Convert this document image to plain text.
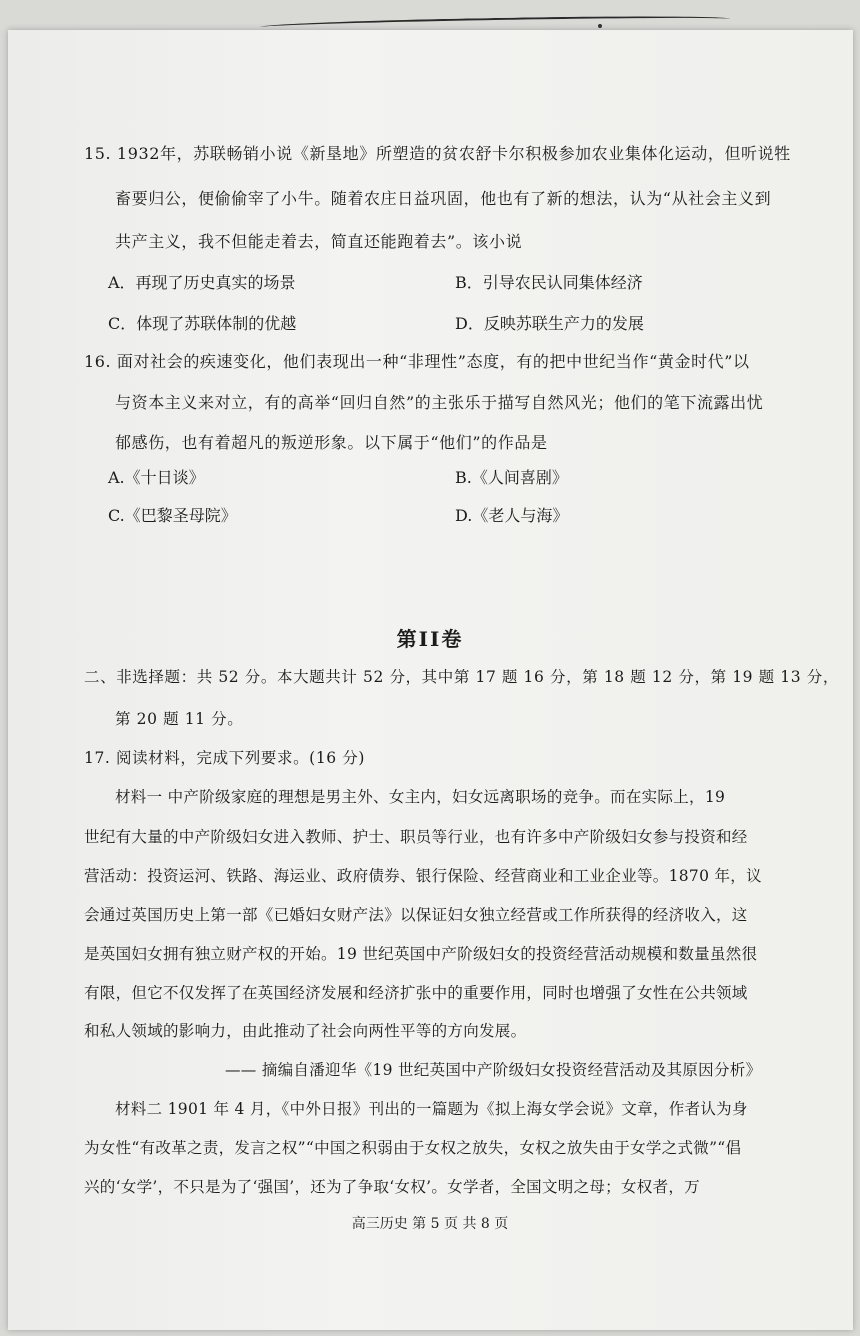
15. 1932年，苏联畅销小说《新垦地》所塑造的贫农舒卡尔积极参加农业集体化运动，但听说牲
畜要归公，便偷偷宰了小牛。随着农庄日益巩固，他也有了新的想法，认为“从社会主义到
共产主义，我不但能走着去，简直还能跑着去”。该小说
A．再现了历史真实的场景	B．引导农民认同集体经济
C．体现了苏联体制的优越	D．反映苏联生产力的发展
16. 面对社会的疾速变化，他们表现出一种“非理性”态度，有的把中世纪当作“黄金时代”以
与资本主义来对立，有的高举“回归自然”的主张乐于描写自然风光；他们的笔下流露出忧
郁感伤，也有着超凡的叛逆形象。以下属于“他们”的作品是
A.《十日谈》	B.《人间喜剧》
C.《巴黎圣母院》	D.《老人与海》
第II卷
二、非选择题：共 52 分。本大题共计 52 分，其中第 17 题 16 分，第 18 题 12 分，第 19 题 13 分，
第 20 题 11 分。
17. 阅读材料，完成下列要求。(16 分)
材料一 中产阶级家庭的理想是男主外、女主内，妇女远离职场的竞争。而在实际上，19
世纪有大量的中产阶级妇女进入教师、护士、职员等行业，也有许多中产阶级妇女参与投资和经
营活动：投资运河、铁路、海运业、政府债券、银行保险、经营商业和工业企业等。1870 年，议
会通过英国历史上第一部《已婚妇女财产法》以保证妇女独立经营或工作所获得的经济收入，这
是英国妇女拥有独立财产权的开始。19 世纪英国中产阶级妇女的投资经营活动规模和数量虽然很
有限，但它不仅发挥了在英国经济发展和经济扩张中的重要作用，同时也增强了女性在公共领域
和私人领域的影响力，由此推动了社会向两性平等的方向发展。
—— 摘编自潘迎华《19 世纪英国中产阶级妇女投资经营活动及其原因分析》
材料二 1901 年 4 月，《中外日报》刊出的一篇题为《拟上海女学会说》文章，作者认为身
为女性“有改革之责，发言之权”“中国之积弱由于女权之放失，女权之放失由于女学之式微”“倡
兴的‘女学’，不只是为了‘强国’，还为了争取‘女权’。女学者，全国文明之母；女权者，万
高三历史 第 5 页 共 8 页
